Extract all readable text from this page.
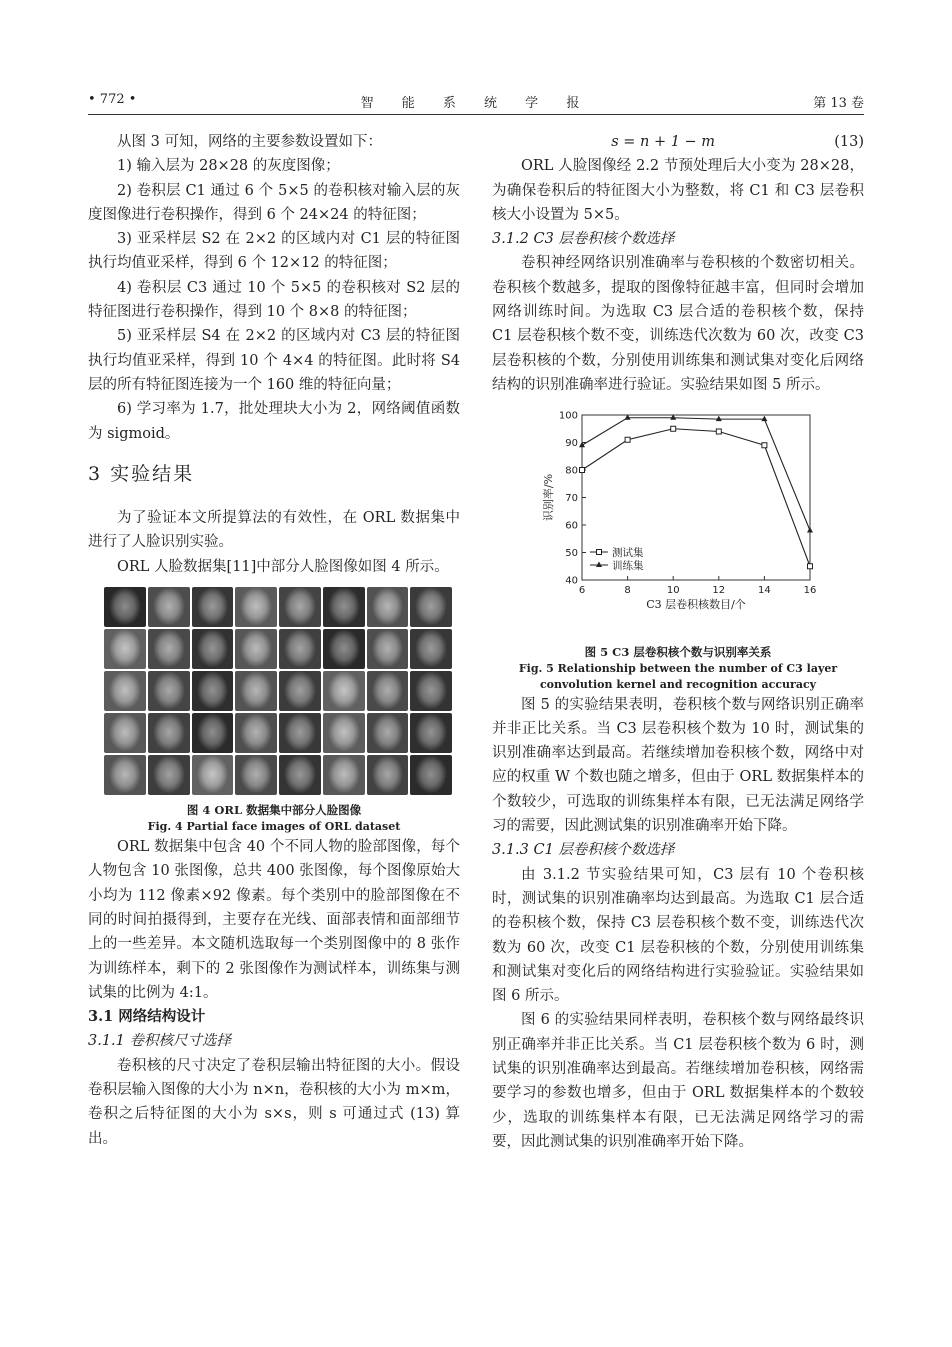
• 772 •	智 能 系 统 学 报	第 13 卷

从图 3 可知，网络的主要参数设置如下：

1) 输入层为 28×28 的灰度图像；

2) 卷积层 C1 通过 6 个 5×5 的卷积核对输入层的灰度图像进行卷积操作，得到 6 个 24×24 的特征图；

3) 亚采样层 S2 在 2×2 的区域内对 C1 层的特征图执行均值亚采样，得到 6 个 12×12 的特征图；

4) 卷积层 C3 通过 10 个 5×5 的卷积核对 S2 层的特征图进行卷积操作，得到 10 个 8×8 的特征图；

5) 亚采样层 S4 在 2×2 的区域内对 C3 层的特征图执行均值亚采样，得到 10 个 4×4 的特征图。此时将 S4 层的所有特征图连接为一个 160 维的特征向量；

6) 学习率为 1.7，批处理块大小为 2，网络阈值函数为 sigmoid。

3 实验结果

为了验证本文所提算法的有效性，在 ORL 数据集中进行了人脸识别实验。

ORL 人脸数据集[11]中部分人脸图像如图 4 所示。

图 4 ORL 数据集中部分人脸图像

Fig. 4 Partial face images of ORL dataset

ORL 数据集中包含 40 个不同人物的脸部图像，每个人物包含 10 张图像，总共 400 张图像，每个图像原始大小均为 112 像素×92 像素。每个类别中的脸部图像在不同的时间拍摄得到，主要存在光线、面部表情和面部细节上的一些差异。本文随机选取每一个类别图像中的 8 张作为训练样本，剩下的 2 张图像作为测试样本，训练集与测试集的比例为 4:1。

3.1 网络结构设计

3.1.1 卷积核尺寸选择

卷积核的尺寸决定了卷积层输出特征图的大小。假设卷积层输入图像的大小为 n×n，卷积核的大小为 m×m，卷积之后特征图的大小为 s×s，则 s 可通过式 (13) 算出。

s = n + 1 − m	(13)

ORL 人脸图像经 2.2 节预处理后大小变为 28×28，为确保卷积后的特征图大小为整数，将 C1 和 C3 层卷积核大小设置为 5×5。

3.1.2 C3 层卷积核个数选择

卷积神经网络识别准确率与卷积核的个数密切相关。卷积核个数越多，提取的图像特征越丰富，但同时会增加网络训练时间。为选取 C3 层合适的卷积核个数，保持 C1 层卷积核个数不变，训练迭代次数为 60 次，改变 C3 层卷积核的个数，分别使用训练集和测试集对变化后网络结构的识别准确率进行验证。实验结果如图 5 所示。

6	8	10	12	14	16
40
50
60
70
80
90
100
C3 层卷积核数目/个
识别率/%
测试集
训练集

图 5 C3 层卷积核个数与识别率关系

Fig. 5 Relationship between the number of C3 layer convolution kernel and recognition accuracy

图 5 的实验结果表明，卷积核个数与网络识别正确率并非正比关系。当 C3 层卷积核个数为 10 时，测试集的识别准确率达到最高。若继续增加卷积核个数，网络中对应的权重 W 个数也随之增多，但由于 ORL 数据集样本的个数较少，可选取的训练集样本有限，已无法满足网络学习的需要，因此测试集的识别准确率开始下降。

3.1.3 C1 层卷积核个数选择

由 3.1.2 节实验结果可知，C3 层有 10 个卷积核时，测试集的识别准确率均达到最高。为选取 C1 层合适的卷积核个数，保持 C3 层卷积核个数不变，训练迭代次数为 60 次，改变 C1 层卷积核的个数，分别使用训练集和测试集对变化后的网络结构进行实验验证。实验结果如图 6 所示。

图 6 的实验结果同样表明，卷积核个数与网络最终识别正确率并非正比关系。当 C1 层卷积核个数为 6 时，测试集的识别准确率达到最高。若继续增加卷积核，网络需要学习的参数也增多，但由于 ORL 数据集样本的个数较少，选取的训练集样本有限，已无法满足网络学习的需要，因此测试集的识别准确率开始下降。
